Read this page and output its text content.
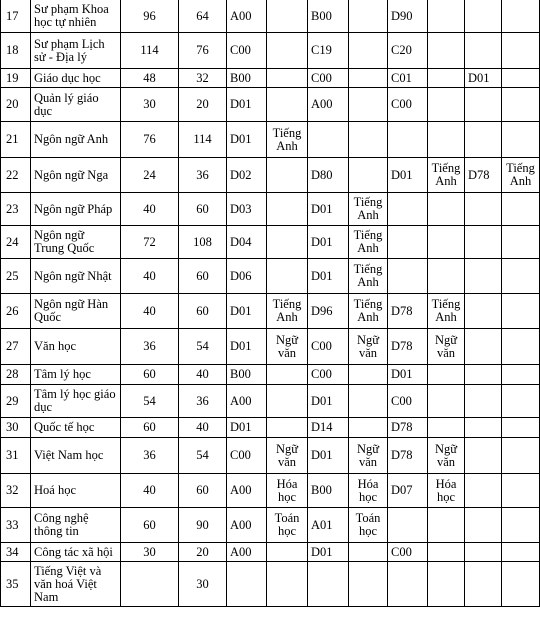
17	Sư phạm Khoa học tự nhiên	96	64	A00		B00		D90			
18	Sư phạm Lịch sử - Địa lý	114	76	C00		C19		C20			
19	Giáo dục học	48	32	B00		C00		C01		D01	
20	Quản lý giáo dục	30	20	D01		A00		C00			
21	Ngôn ngữ Anh	76	114	D01	Tiếng Anh						
22	Ngôn ngữ Nga	24	36	D02		D80		D01	Tiếng Anh	D78	Tiếng Anh
23	Ngôn ngữ Pháp	40	60	D03		D01	Tiếng Anh				
24	Ngôn ngữ Trung Quốc	72	108	D04		D01	Tiếng Anh				
25	Ngôn ngữ Nhật	40	60	D06		D01	Tiếng Anh				
26	Ngôn ngữ Hàn Quốc	40	60	D01	Tiếng Anh	D96	Tiếng Anh	D78	Tiếng Anh		
27	Văn học	36	54	D01	Ngữ văn	C00	Ngữ văn	D78	Ngữ văn		
28	Tâm lý học	60	40	B00		C00		D01			
29	Tâm lý học giáo dục	54	36	A00		D01		C00			
30	Quốc tế học	60	40	D01		D14		D78			
31	Việt Nam học	36	54	C00	Ngữ văn	D01	Ngữ văn	D78	Ngữ văn		
32	Hoá học	40	60	A00	Hóa học	B00	Hóa học	D07	Hóa học		
33	Công nghệ thông tin	60	90	A00	Toán học	A01	Toán học				
34	Công tác xã hội	30	20	A00		D01		C00			
35	Tiếng Việt và văn hoá Việt Nam		30								
